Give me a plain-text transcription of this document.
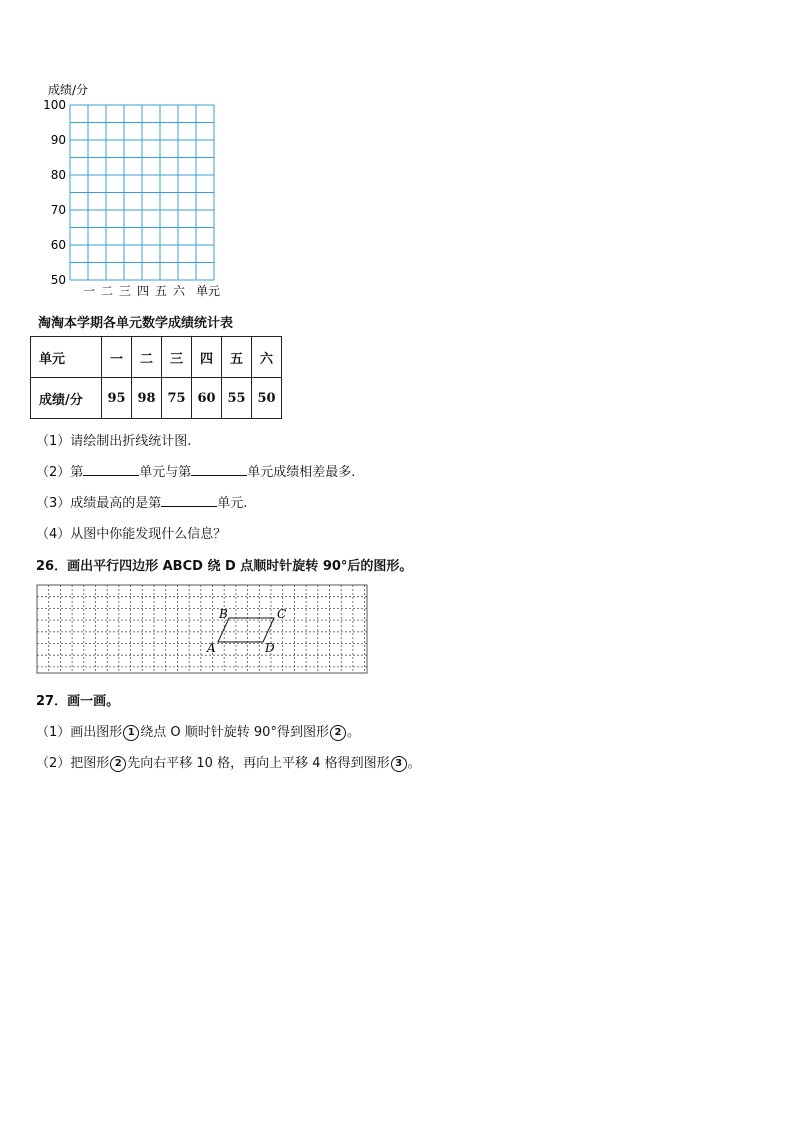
成绩/分
100
90
80
70
60
50
一 二 三 四 五 六 单元
淘淘本学期各单元数学成绩统计表
单元	一	二	三	四	五	六
成绩/分	95	98	75	60	55	50
（1）请绘制出折线统计图.
（2）第	单元与第	单元成绩相差最多.
（3）成绩最高的是第	单元.
（4）从图中你能发现什么信息？
26．画出平行四边形 ABCD 绕 D 点顺时针旋转 90°后的图形。
B	C
A	D
27．画一画。
（1）画出图形 1 绕点 O 顺时针旋转 90°得到图形 2 。
（2）把图形 2 先向右平移 10 格，再向上平移 4 格得到图形 3 。
